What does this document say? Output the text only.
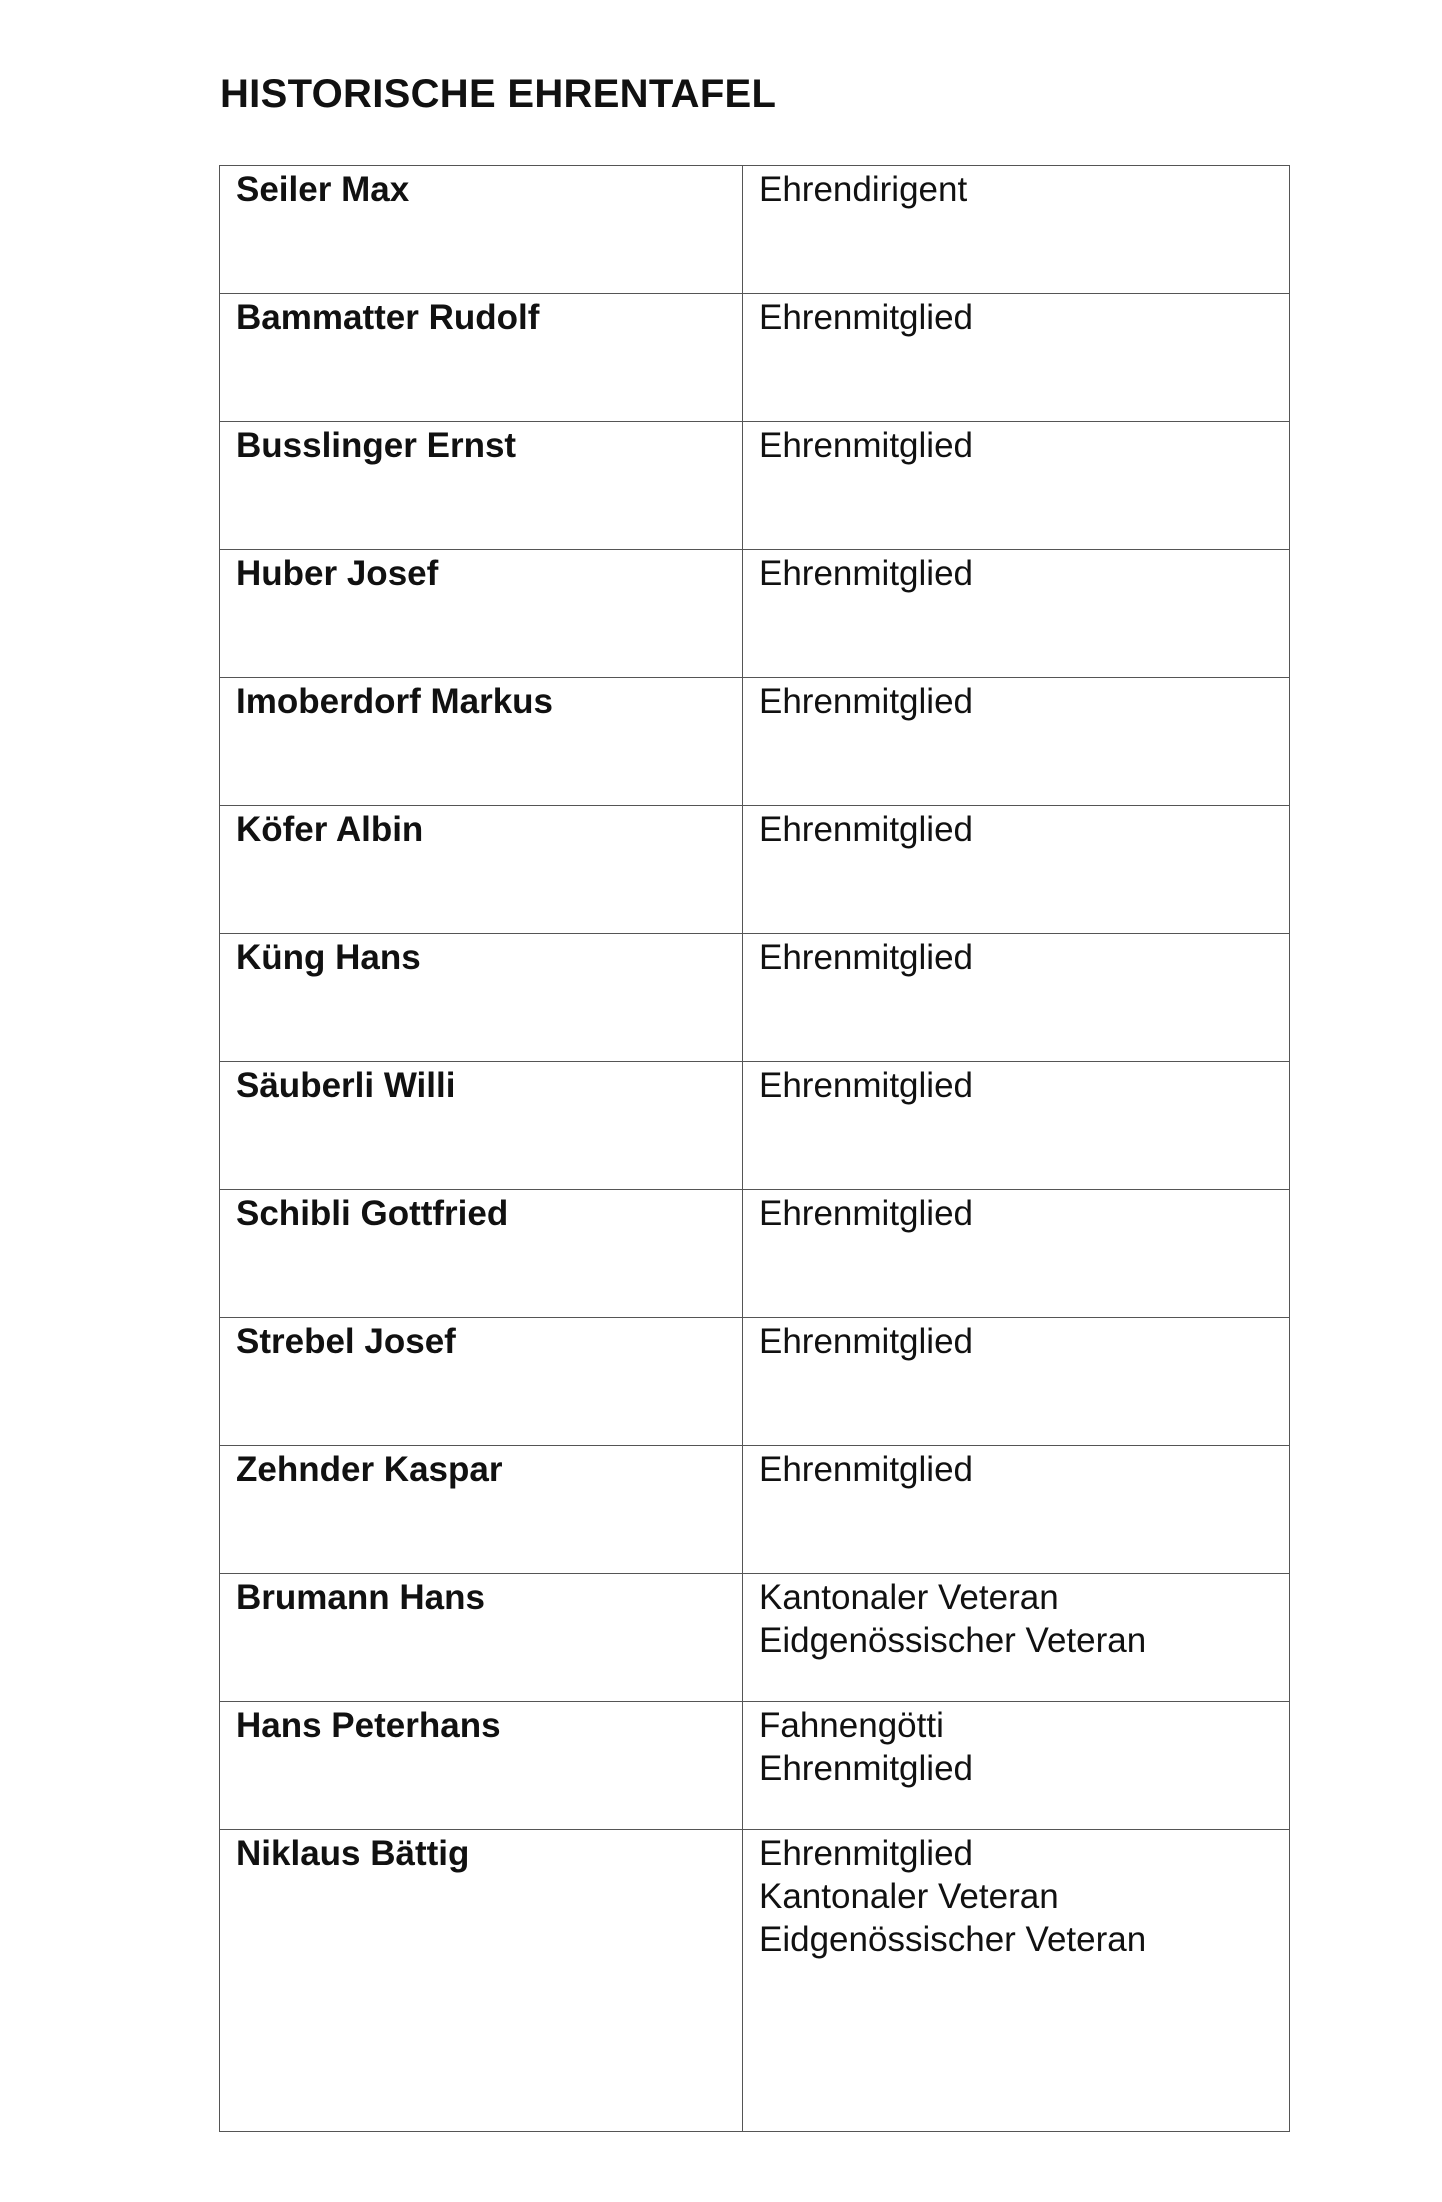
HISTORISCHE EHRENTAFEL
Seiler Max	Ehrendirigent

Bammatter Rudolf	Ehrenmitglied

Busslinger Ernst	Ehrenmitglied

Huber Josef	Ehrenmitglied

Imoberdorf Markus	Ehrenmitglied

Köfer Albin	Ehrenmitglied

Küng Hans	Ehrenmitglied

Säuberli Willi	Ehrenmitglied

Schibli Gottfried	Ehrenmitglied

Strebel Josef	Ehrenmitglied

Zehnder Kaspar	Ehrenmitglied

Brumann Hans	Kantonaler Veteran
Eidgenössischer Veteran

Hans Peterhans	Fahnengötti
Ehrenmitglied

Niklaus Bättig	Ehrenmitglied
Kantonaler Veteran
Eidgenössischer Veteran
